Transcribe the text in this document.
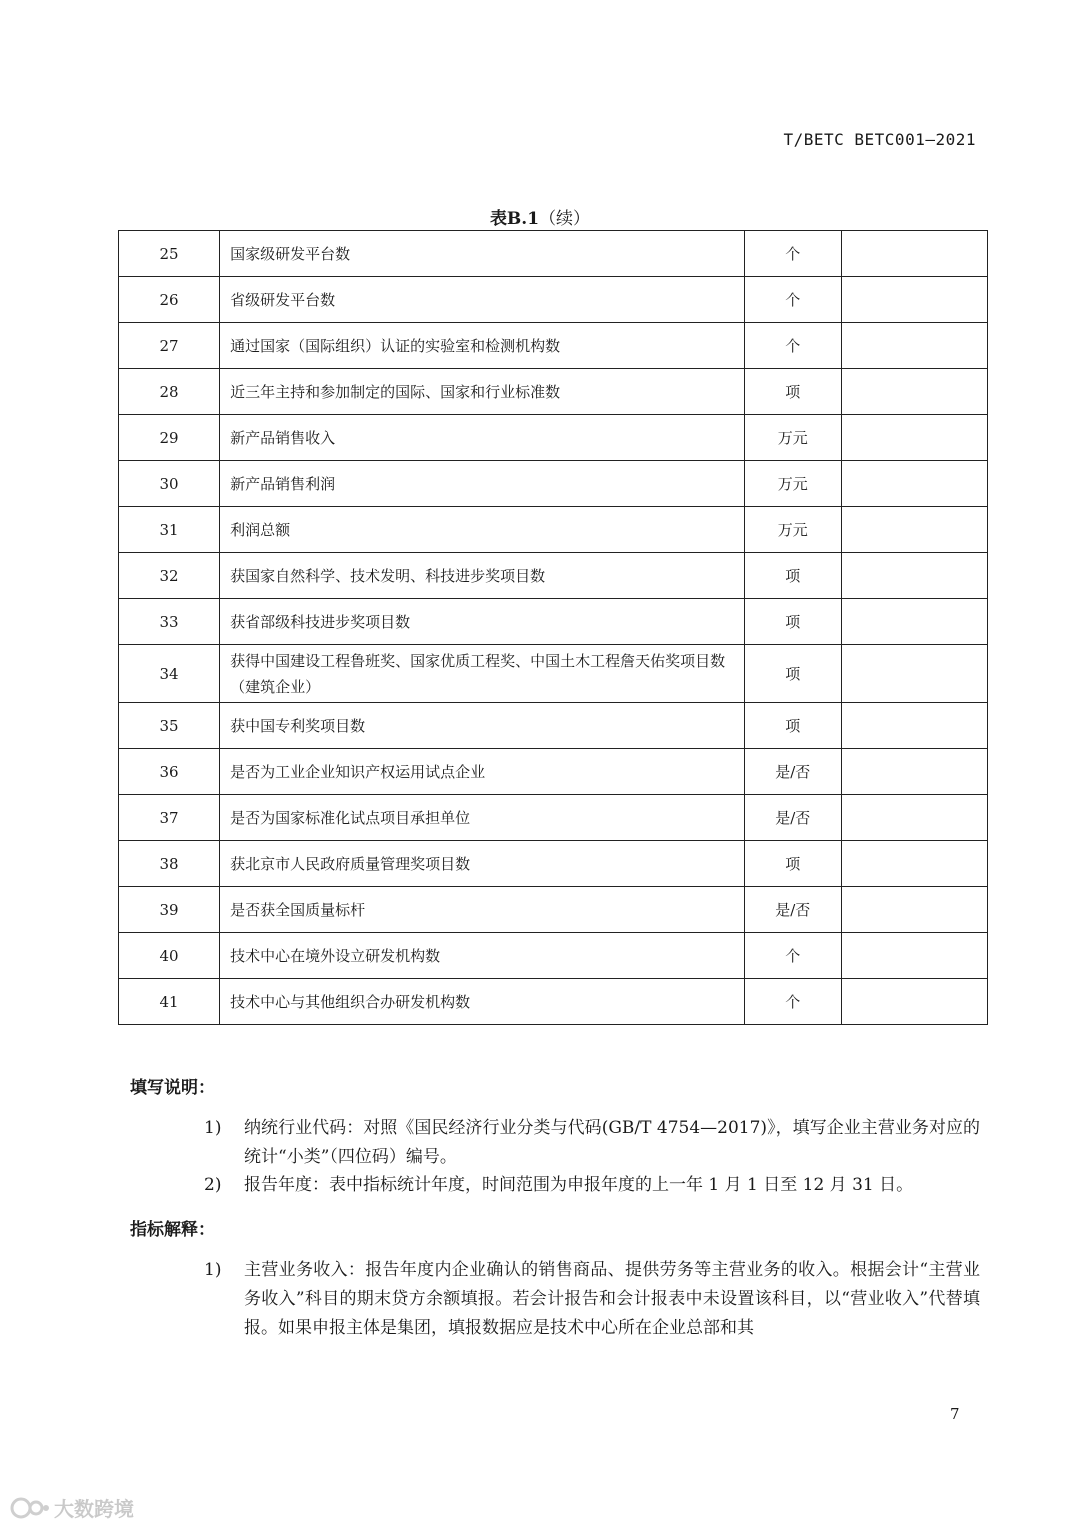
T/BETC BETC001—2021
表B.1（续）
25	国家级研发平台数	个	
26	省级研发平台数	个	
27	通过国家（国际组织）认证的实验室和检测机构数	个	
28	近三年主持和参加制定的国际、国家和行业标准数	项	
29	新产品销售收入	万元	
30	新产品销售利润	万元	
31	利润总额	万元	
32	获国家自然科学、技术发明、科技进步奖项目数	项	
33	获省部级科技进步奖项目数	项	
34	获得中国建设工程鲁班奖、国家优质工程奖、中国土木工程詹天佑奖项目数（建筑企业）	项	
35	获中国专利奖项目数	项	
36	是否为工业企业知识产权运用试点企业	是/否	
37	是否为国家标准化试点项目承担单位	是/否	
38	获北京市人民政府质量管理奖项目数	项	
39	是否获全国质量标杆	是/否	
40	技术中心在境外设立研发机构数	个	
41	技术中心与其他组织合办研发机构数	个	
填写说明：
1)	纳统行业代码：对照《国民经济行业分类与代码(GB/T 4754—2017)》，填写企业主营业务对应的统计“小类”（四位码）编号。
2)	报告年度：表中指标统计年度，时间范围为申报年度的上一年 1 月 1 日至 12 月 31 日。
指标解释：
1)	主营业务收入：报告年度内企业确认的销售商品、提供劳务等主营业务的收入。根据会计“主营业务收入”科目的期末贷方余额填报。若会计报告和会计报表中未设置该科目，以“营业收入”代替填报。如果申报主体是集团，填报数据应是技术中心所在企业总部和其
7
大数跨境
